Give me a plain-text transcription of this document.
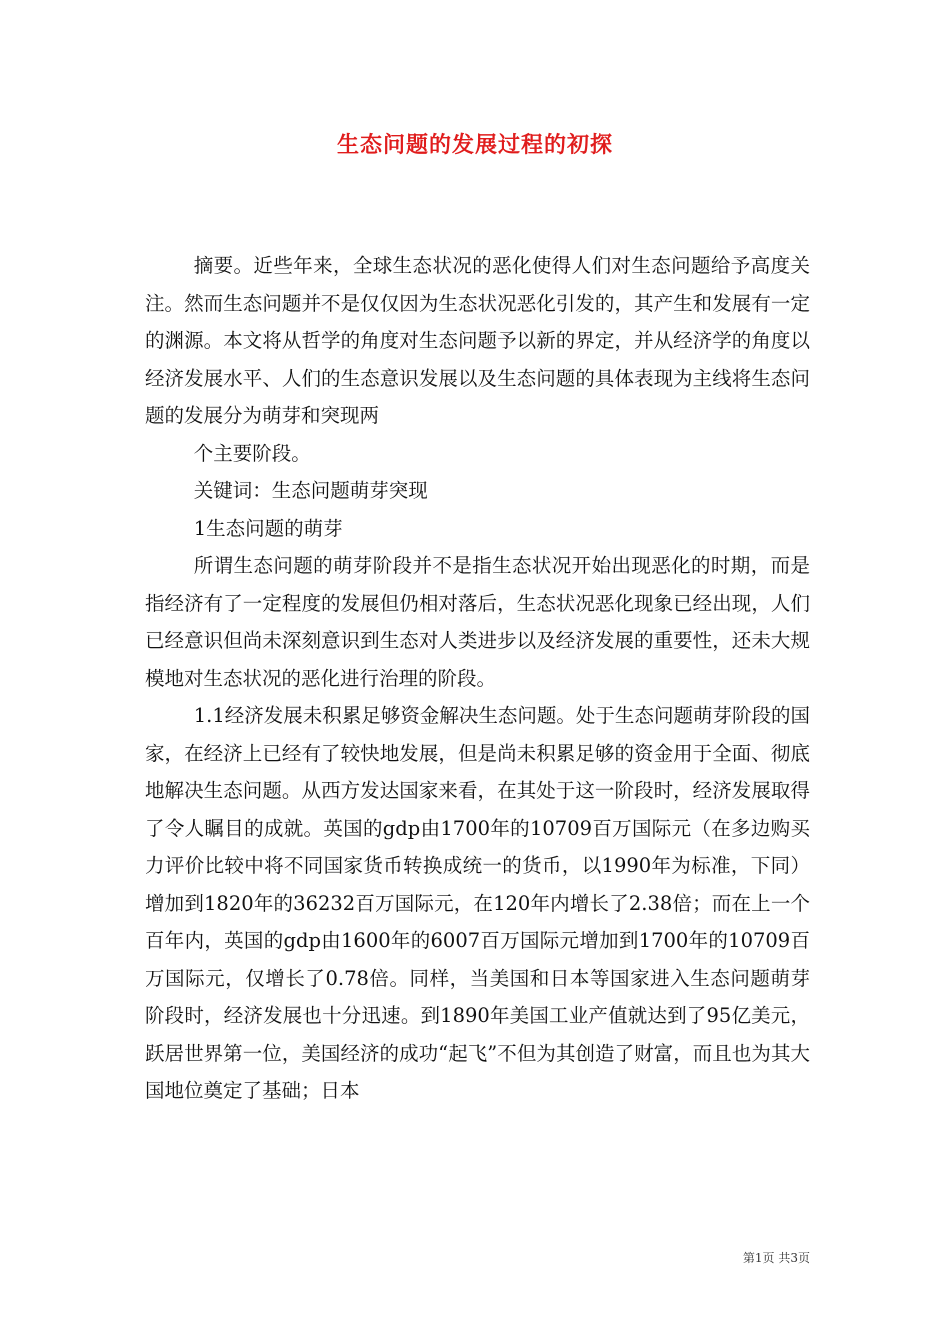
生态问题的发展过程的初探

摘要。近些年来，全球生态状况的恶化使得人们对生态问题给予高度关注。然而生态问题并不是仅仅因为生态状况恶化引发的，其产生和发展有一定的渊源。本文将从哲学的角度对生态问题予以新的界定，并从经济学的角度以经济发展水平、人们的生态意识发展以及生态问题的具体表现为主线将生态问题的发展分为萌芽和突现两

个主要阶段。

关键词：生态问题萌芽突现

1生态问题的萌芽

所谓生态问题的萌芽阶段并不是指生态状况开始出现恶化的时期，而是指经济有了一定程度的发展但仍相对落后，生态状况恶化现象已经出现，人们已经意识但尚未深刻意识到生态对人类进步以及经济发展的重要性，还未大规模地对生态状况的恶化进行治理的阶段。

1.1经济发展未积累足够资金解决生态问题。处于生态问题萌芽阶段的国家，在经济上已经有了较快地发展，但是尚未积累足够的资金用于全面、彻底地解决生态问题。从西方发达国家来看，在其处于这一阶段时，经济发展取得了令人瞩目的成就。英国的gdp由1700年的10709百万国际元（在多边购买力评价比较中将不同国家货币转换成统一的货币，以1990年为标准，下同）增加到1820年的36232百万国际元，在120年内增长了2.38倍；而在上一个百年内，英国的gdp由1600年的6007百万国际元增加到1700年的10709百万国际元，仅增长了0.78倍。同样，当美国和日本等国家进入生态问题萌芽阶段时，经济发展也十分迅速。到1890年美国工业产值就达到了95亿美元，跃居世界第一位，美国经济的成功“起飞”不但为其创造了财富，而且也为其大国地位奠定了基础；日本

第1页 共3页
